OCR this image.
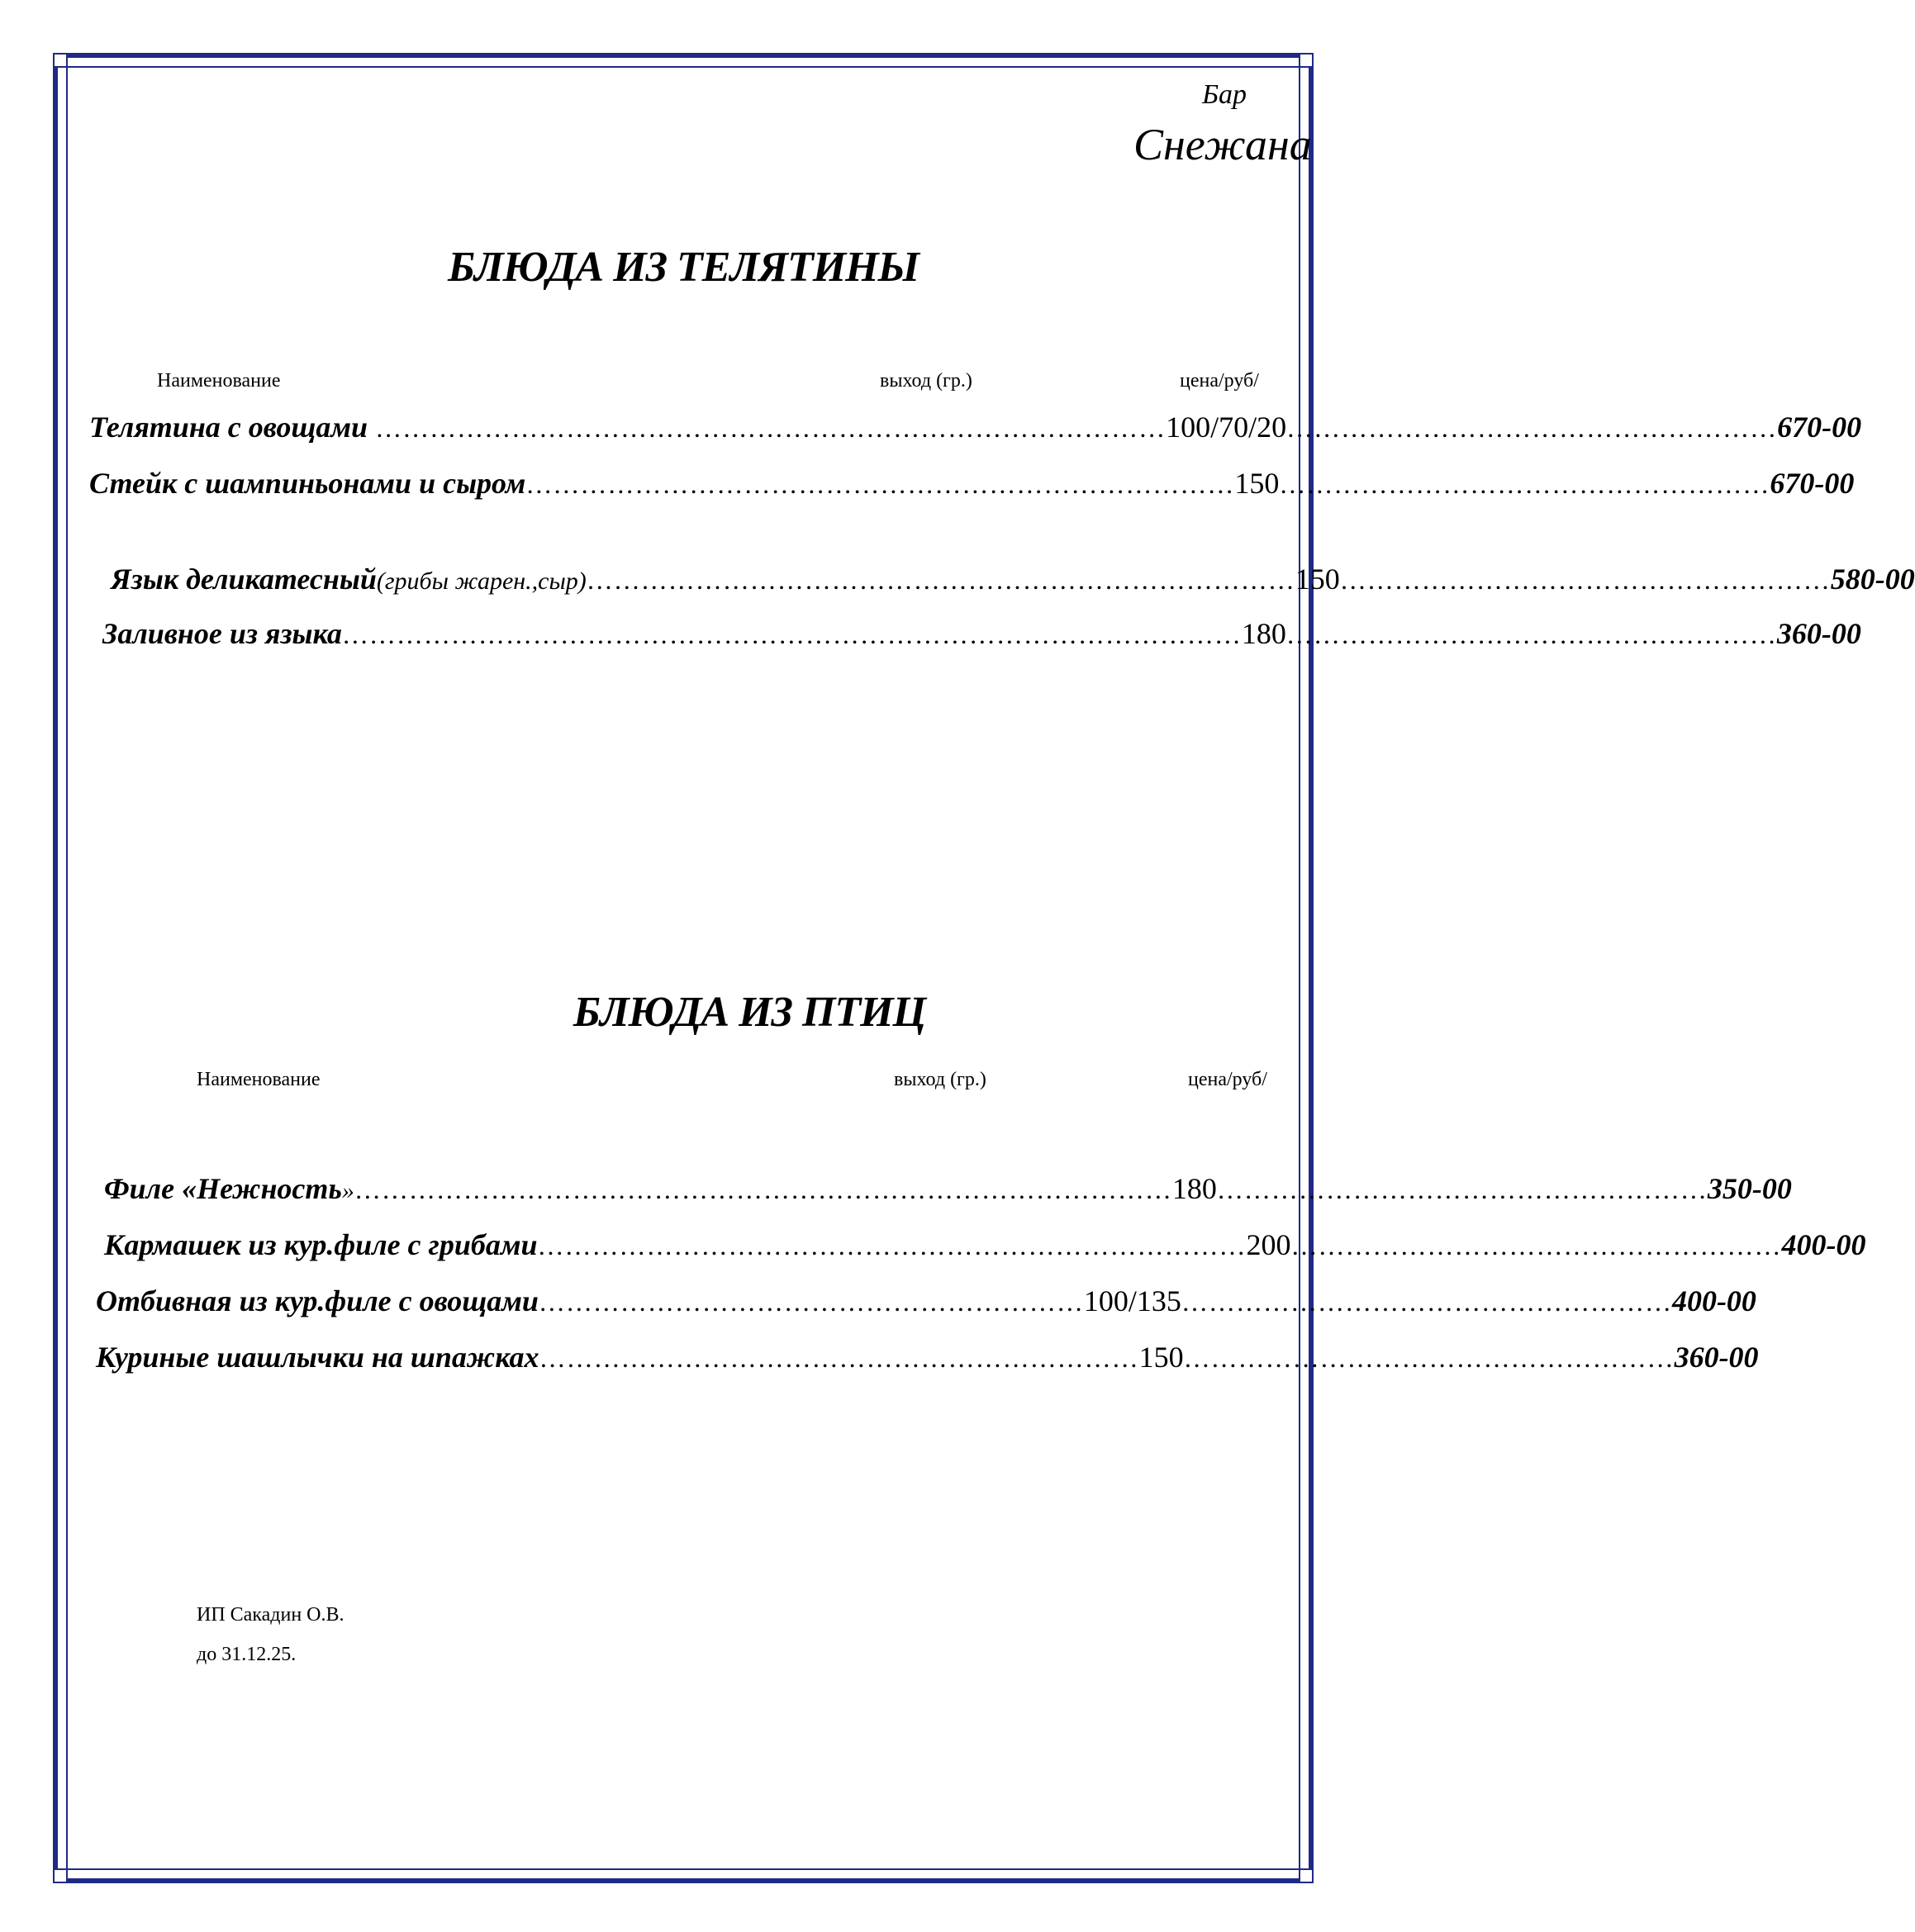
Бар
Снежана
БЛЮДА ИЗ ТЕЛЯТИНЫ
Наименование	выход (гр.)	цена/руб/
Телятина с овощами …………………………………………………………………………… 100/70/20 ……………………………………………… 670-00
Стейк с шампиньонами и сыром …………………………………………………………………… 150 ……………………………………………… 670-00
Язык деликатесный (грибы жарен.,сыр) …………………………………………………………………… 150 ……………………………………………… 580-00
Заливное из языка ……………………………………………………………………………………… 180 ……………………………………………… 360-00
БЛЮДА ИЗ ПТИЦ
Наименование	выход (гр.)	цена/руб/
Филе «Нежность » ……………………………………………………………………………… 180 ……………………………………………… 350-00
Кармашек из кур.филе с грибами …………………………………………………………………… 200 ……………………………………………… 400-00
Отбивная из кур.филе с овощами …………………………………………………… 100/135 ……………………………………………… 400-00
Куриные шашлычки на шпажках ………………………………………………………… 150 ……………………………………………… 360-00
ИП Сакадин О.В.
до 31.12.25.
